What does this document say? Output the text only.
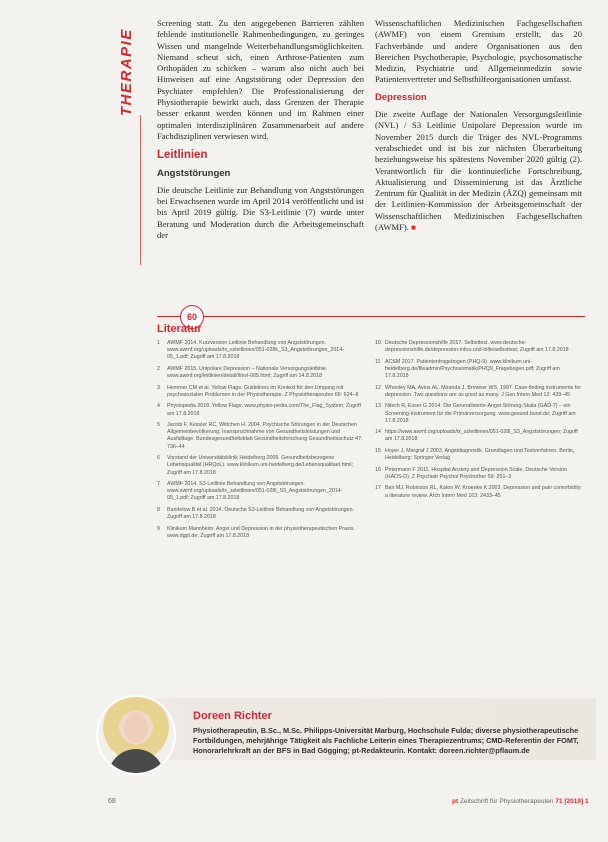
THERAPIE

Screening statt. Zu den angegebenen Barrieren zählten fehlende institutionelle Rahmenbedingungen, zu geringes Wissen und mangelnde Weiterbehandlungsmöglichkeiten. Niemand scheut sich, einen Arthrose-Patienten zum Orthopäden zu schicken – warum also nicht auch bei Hinweisen auf eine Angststörung oder Depression den Psychiater empfehlen? Die Professionalisierung der Physiotherapie bewirkt auch, dass Grenzen der Therapie besser erkannt werden können und im Rahmen einer optimalen interdisziplinären Zusammenarbeit auf andere Fachdisziplinen verwiesen wird.

Leitlinien
Angststörungen

Die deutsche Leitlinie zur Behandlung von Angststörungen bei Erwachsenen wurde im April 2014 veröffentlicht und ist bis April 2019 gültig. Die S3-Leitlinie (7) wurde unter Beratung und Moderation durch die Arbeitsgemeinschaft der

Wissenschaftlichen Medizinischen Fachgesellschaften (AWMF) von einem Gremium erstellt, das 20 Fachverbände und andere Organisationen aus den Bereichen Psychotherapie, Psychologie, psychosomatische Medizin, Psychiatrie und Allgemeinmedizin sowie Patientenvertreter und Selbsthilfeorganisationen umfasst.

Depression

Die zweite Auflage der Nationalen Versorgungsleitlinie (NVL) / S3 Leitlinie Unipolare Depression wurde im November 2015 durch die Träger des NVL-Programms verabschiedet und ist bis zur nächsten Überarbeitung beziehungsweise bis spätestens November 2020 gültig (2). Verantwortlich für die kontinuierliche Fortschreibung, Aktualisierung und Disseminierung ist das Ärztliche Zentrum für Qualität in der Medizin (ÄZQ) gemeinsam mit der Leitlinien-Kommission der Arbeitsgemeinschaft der Wissenschaftlichen Medizinischen Fachgesellschaften (AWMF). ■

60
Literatur
1	AWMF 2014. Kurzversion Leitlinie Behandlung von Angststörungen. www.awmf.org/uploads/tx_szleitlinien/051-028k_S3_Angststörungen_2014-05_1.pdf; Zugriff am 17.8.2018
2	AWMF 2015. Unipolare Depression – Nationale Versorgungsleitlinie. www.awmf.org/leitlinien/detail/ll/nvl-005.html; Zugriff am 14.8.2018
3	Hemmer CM et al. Yellow Flags: Guidelines im Kontext für den Umgang mit psychosozialen Problemen in der Physiotherapie. Z Physiotherapeuten 66: 624–8
4	Physiopedia 2018. Yellow Flags. www.physio-pedia.com/The_Flag_System; Zugriff am 17.8.2018
5	Jacobi F, Kessler RC, Wittchen H. 2004. Psychische Störungen in der Deutschen Allgemeinbevölkerung: Inanspruchnahme von Gesundheitsleistungen und Ausfalltage. Bundesgesundheitsblatt Gesundheitsforschung Gesundheitsschutz 47: 736–44
6	Vorstand der Universitätsklinik Heidelberg 2009. Gesundheitsbezogene Lebensqualität (HRQoL). www.klinikum.uni-heidelberg.de/Lebensqualitaet.html; Zugriff am 17.8.2018
7	AWMF 2014. S3-Leitlinie Behandlung von Angststörungen. www.awmf.org/uploads/tx_szleitlinien/051-028l_S3_Angststörungen_2014-05_1.pdf; Zugriff am 17.8.2018
8	Bandelow B et al. 2014. Deutsche S3-Leitlinie Behandlung von Angststörungen. Zugriff am 17.8.2018
9	Klinikum Mannheim. Angst und Depression in der physiotherapeutischen Praxis. www.dgpt.de; Zugriff am 17.8.2018
10 Deutsche Depressionshilfe 2017. Selbsttest. www.deutsche-depressionshilfe.de/depression-infos-und-hilfe/selbsttest; Zugriff am 17.8.2018
11 ACSM 2017. Patientenfragebogen (PHQ-9). www.klinikum.uni-heidelberg.de/fileadmin/Psychosomatik/PHQ9_Fragebogen.pdf; Zugriff am 17.8.2018
12 Whooley MA, Avins AL, Miranda J, Browner WS. 1997. Case-finding instruments for depression. Two questions are as good as many. J Gen Intern Med 12: 439–45
13 Nitsch R, Esser G 2014. Die Generalisierte-Angst-Störung-Skala (GAD-7) – ein Screening-Instrument für die Primärversorgung. www.gesund.bund.de; Zugriff am 17.8.2018
14 https://www.awmf.org/uploads/tx_szleitlinien/051-028l_S3_Angststörungen; Zugriff am 17.8.2018
15 Hoyer J, Margraf J 2003. Angstdiagnostik. Grundlagen und Testverfahren. Berlin, Heidelberg: Springer Verlag
16 Petermann F 2011. Hospital Anxiety and Depression Scale, Deutsche Version (HADS-D). Z Psychiatr Psychol Psychother 59: 251–3
17 Bair MJ, Robinson RL, Katon W, Kroenke K 2003. Depression and pain comorbidity: a literature review. Arch Intern Med 163: 2433–45
Doreen Richter
Physiotherapeutin, B.Sc., M.Sc. Philipps-Universität Marburg, Hochschule Fulda; diverse physiotherapeutische Fortbildungen, mehrjährige Tätigkeit als Fachliche Leiterin eines Therapiezentrums; CMD-Referentin der FOMT, Honorarlehrkraft an der BFS in Bad Gögging; pt-Redakteurin. Kontakt: doreen.richter@pflaum.de
68	pt Zeitschrift für Physiotherapeuten 71 [2019] 1
